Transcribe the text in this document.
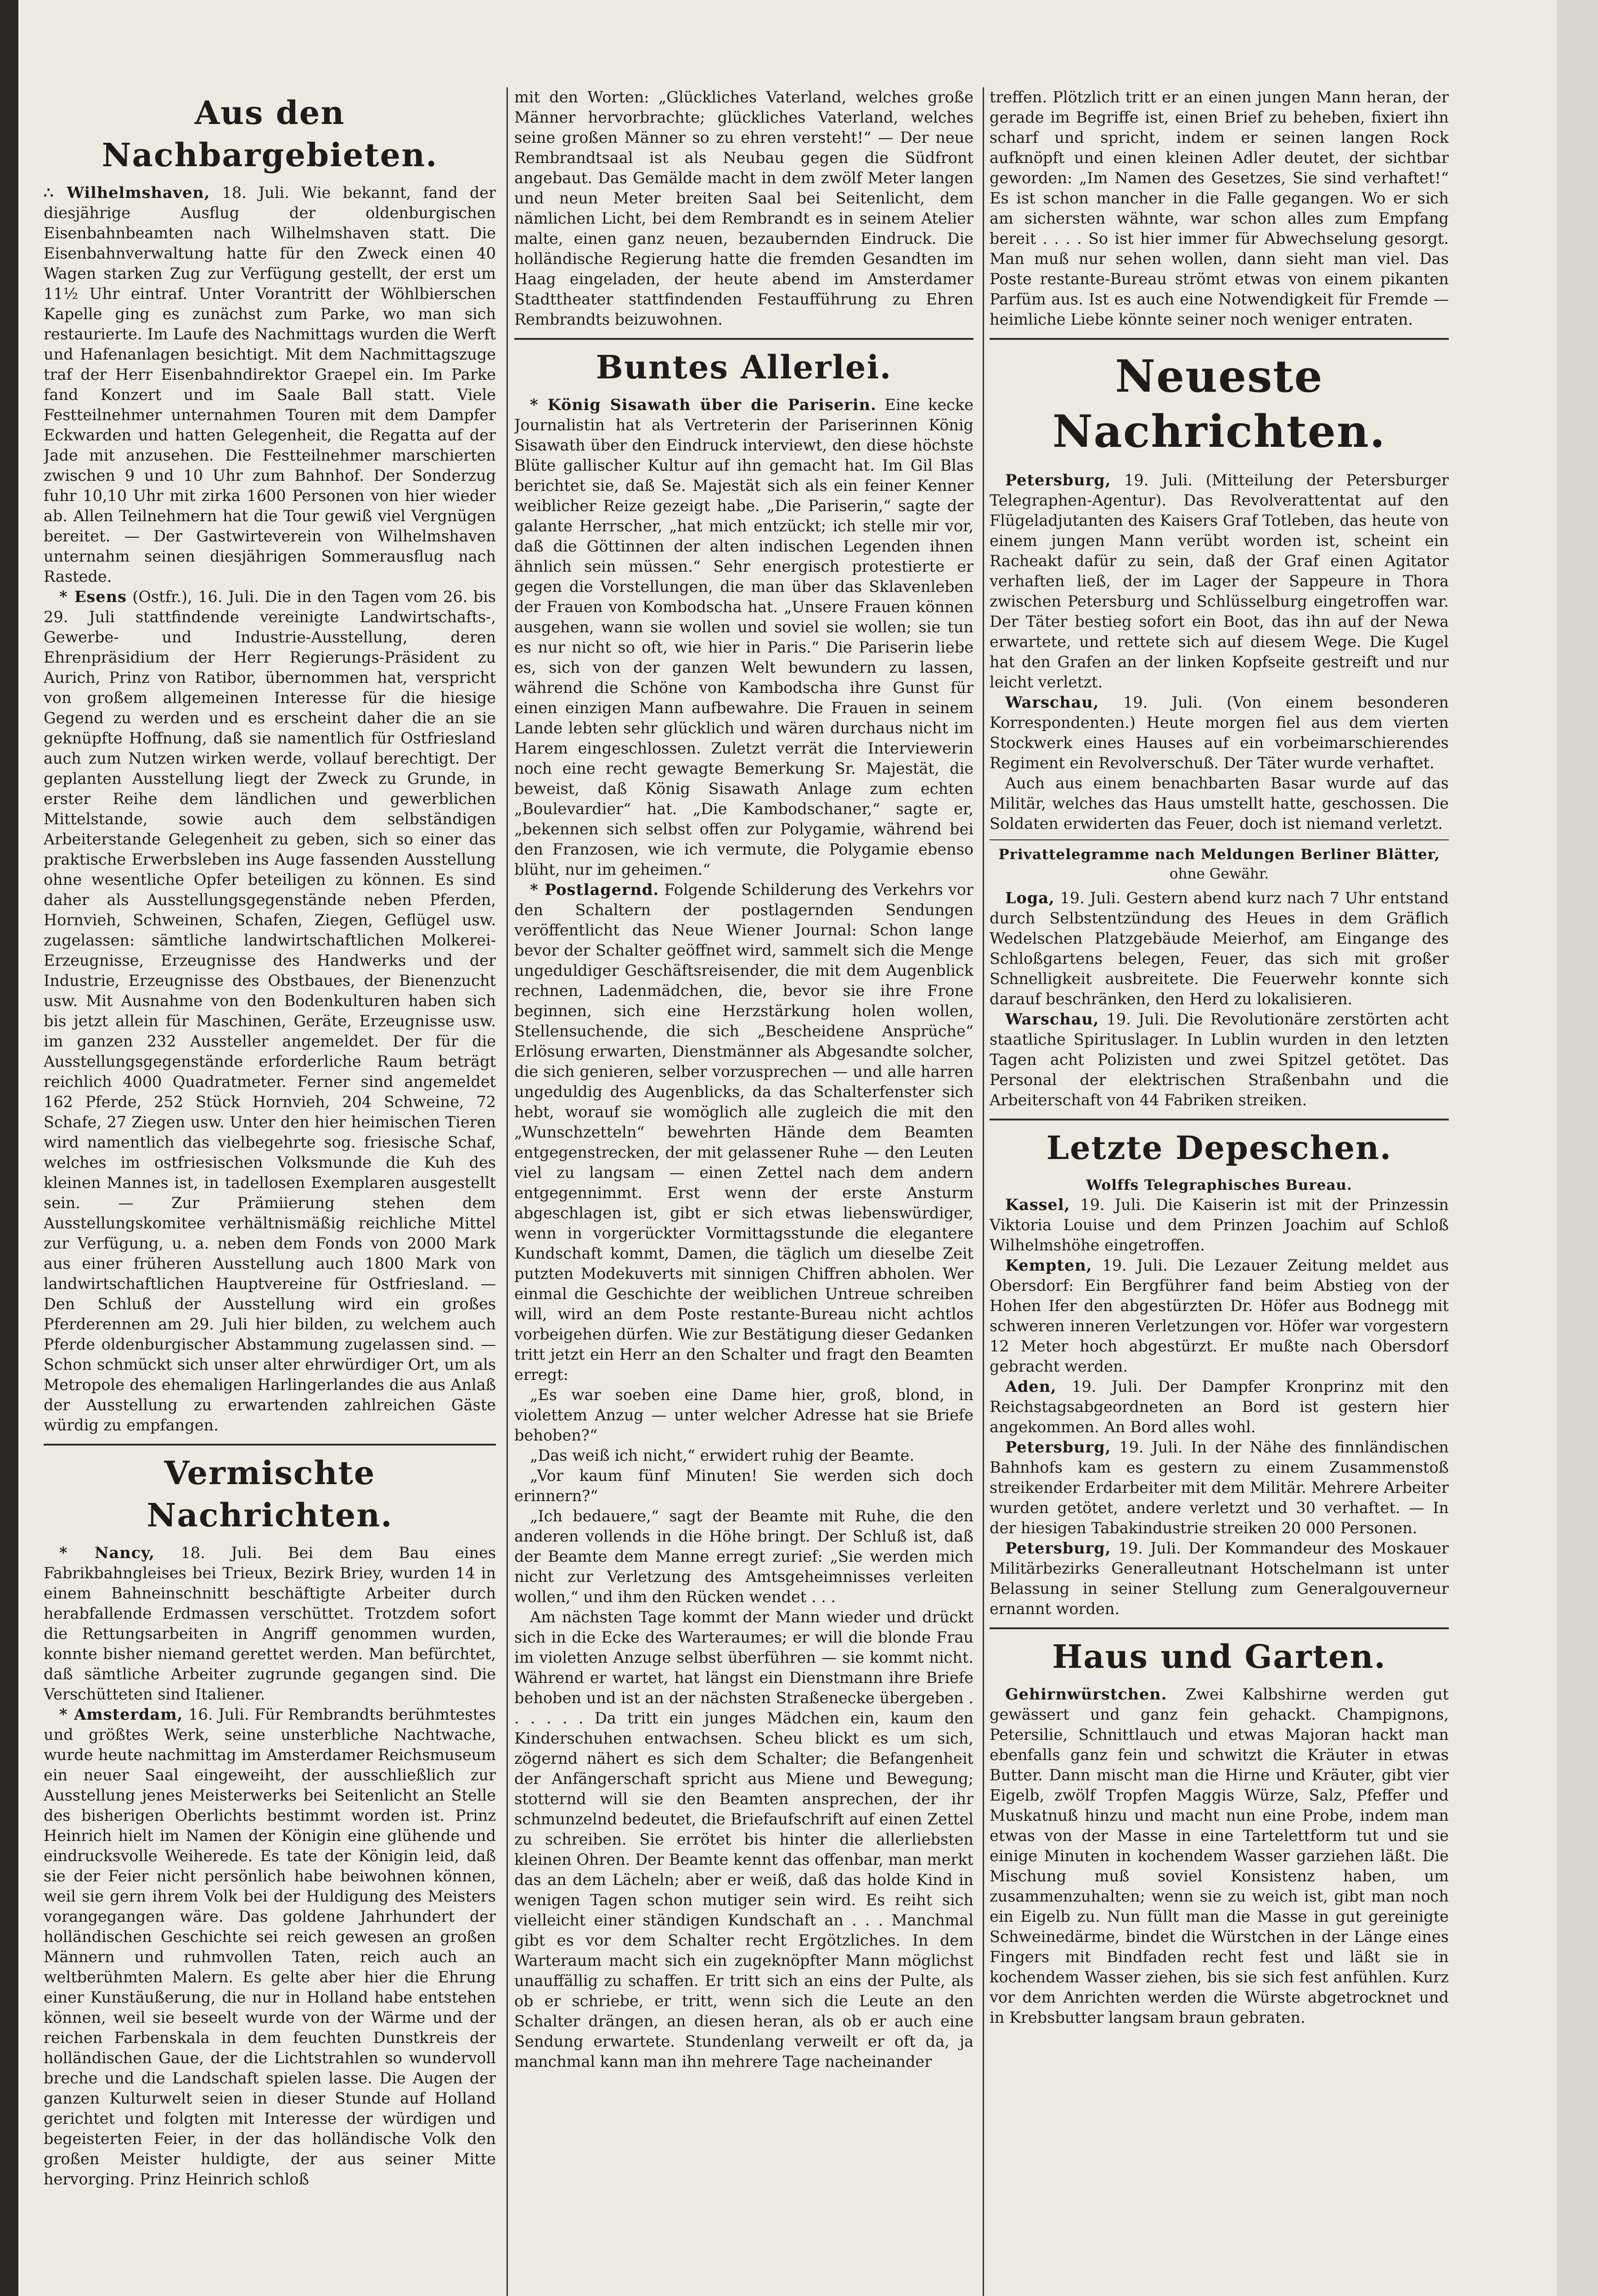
Aus den Nachbargebieten.

∴ Wilhelmshaven, 18. Juli. Wie bekannt, fand der diesjährige Ausflug der oldenburgischen Eisenbahnbeamten nach Wilhelmshaven statt. Die Eisenbahnverwaltung hatte für den Zweck einen 40 Wagen starken Zug zur Verfügung gestellt, der erst um 11½ Uhr eintraf. Unter Vorantritt der Wöhlbierschen Kapelle ging es zunächst zum Parke, wo man sich restaurierte. Im Laufe des Nachmittags wurden die Werft und Hafenanlagen besichtigt. Mit dem Nachmittagszuge traf der Herr Eisenbahndirektor Graepel ein. Im Parke fand Konzert und im Saale Ball statt. Viele Festteilnehmer unternahmen Touren mit dem Dampfer Eckwarden und hatten Gelegenheit, die Regatta auf der Jade mit anzusehen. Die Festteilnehmer marschierten zwischen 9 und 10 Uhr zum Bahnhof. Der Sonderzug fuhr 10,10 Uhr mit zirka 1600 Personen von hier wieder ab. Allen Teilnehmern hat die Tour gewiß viel Vergnügen bereitet. — Der Gastwirteverein von Wilhelmshaven unternahm seinen diesjährigen Sommerausflug nach Rastede.

* Esens (Ostfr.), 16. Juli. Die in den Tagen vom 26. bis 29. Juli stattfindende vereinigte Landwirtschafts-, Gewerbe- und Industrie-Ausstellung, deren Ehrenpräsidium der Herr Regierungs-Präsident zu Aurich, Prinz von Ratibor, übernommen hat, verspricht von großem allgemeinen Interesse für die hiesige Gegend zu werden und es erscheint daher die an sie geknüpfte Hoffnung, daß sie namentlich für Ostfriesland auch zum Nutzen wirken werde, vollauf berechtigt. Der geplanten Ausstellung liegt der Zweck zu Grunde, in erster Reihe dem ländlichen und gewerblichen Mittelstande, sowie auch dem selbständigen Arbeiterstande Gelegenheit zu geben, sich so einer das praktische Erwerbsleben ins Auge fassenden Ausstellung ohne wesentliche Opfer beteiligen zu können. Es sind daher als Ausstellungsgegenstände neben Pferden, Hornvieh, Schweinen, Schafen, Ziegen, Geflügel usw. zugelassen: sämtliche landwirtschaftlichen Molkerei-Erzeugnisse, Erzeugnisse des Handwerks und der Industrie, Erzeugnisse des Obstbaues, der Bienenzucht usw. Mit Ausnahme von den Bodenkulturen haben sich bis jetzt allein für Maschinen, Geräte, Erzeugnisse usw. im ganzen 232 Aussteller angemeldet. Der für die Ausstellungsgegenstände erforderliche Raum beträgt reichlich 4000 Quadratmeter. Ferner sind angemeldet 162 Pferde, 252 Stück Hornvieh, 204 Schweine, 72 Schafe, 27 Ziegen usw. Unter den hier heimischen Tieren wird namentlich das vielbegehrte sog. friesische Schaf, welches im ostfriesischen Volksmunde die Kuh des kleinen Mannes ist, in tadellosen Exemplaren ausgestellt sein. — Zur Prämiierung stehen dem Ausstellungskomitee verhältnismäßig reichliche Mittel zur Verfügung, u. a. neben dem Fonds von 2000 Mark aus einer früheren Ausstellung auch 1800 Mark von landwirtschaftlichen Hauptvereine für Ostfriesland. — Den Schluß der Ausstellung wird ein großes Pferderennen am 29. Juli hier bilden, zu welchem auch Pferde oldenburgischer Abstammung zugelassen sind. — Schon schmückt sich unser alter ehrwürdiger Ort, um als Metropole des ehemaligen Harlingerlandes die aus Anlaß der Ausstellung zu erwartenden zahlreichen Gäste würdig zu empfangen.

Vermischte Nachrichten.

* Nancy, 18. Juli. Bei dem Bau eines Fabrikbahngleises bei Trieux, Bezirk Briey, wurden 14 in einem Bahneinschnitt beschäftigte Arbeiter durch herabfallende Erdmassen verschüttet. Trotzdem sofort die Rettungsarbeiten in Angriff genommen wurden, konnte bisher niemand gerettet werden. Man befürchtet, daß sämtliche Arbeiter zugrunde gegangen sind. Die Verschütteten sind Italiener.

* Amsterdam, 16. Juli. Für Rembrandts berühmtestes und größtes Werk, seine unsterbliche Nachtwache, wurde heute nachmittag im Amsterdamer Reichsmuseum ein neuer Saal eingeweiht, der ausschließlich zur Ausstellung jenes Meisterwerks bei Seitenlicht an Stelle des bisherigen Oberlichts bestimmt worden ist. Prinz Heinrich hielt im Namen der Königin eine glühende und eindrucksvolle Weiherede. Es tate der Königin leid, daß sie der Feier nicht persönlich habe beiwohnen können, weil sie gern ihrem Volk bei der Huldigung des Meisters vorangegangen wäre. Das goldene Jahrhundert der holländischen Geschichte sei reich gewesen an großen Männern und ruhmvollen Taten, reich auch an weltberühmten Malern. Es gelte aber hier die Ehrung einer Kunstäußerung, die nur in Holland habe entstehen können, weil sie beseelt wurde von der Wärme und der reichen Farbenskala in dem feuchten Dunstkreis der holländischen Gaue, der die Lichtstrahlen so wundervoll breche und die Landschaft spielen lasse. Die Augen der ganzen Kulturwelt seien in dieser Stunde auf Holland gerichtet und folgten mit Interesse der würdigen und begeisterten Feier, in der das holländische Volk den großen Meister huldigte, der aus seiner Mitte hervorging. Prinz Heinrich schloß

mit den Worten: „Glückliches Vaterland, welches große Männer hervorbrachte; glückliches Vaterland, welches seine großen Männer so zu ehren versteht!“ — Der neue Rembrandtsaal ist als Neubau gegen die Südfront angebaut. Das Gemälde macht in dem zwölf Meter langen und neun Meter breiten Saal bei Seitenlicht, dem nämlichen Licht, bei dem Rembrandt es in seinem Atelier malte, einen ganz neuen, bezaubernden Eindruck. Die holländische Regierung hatte die fremden Gesandten im Haag eingeladen, der heute abend im Amsterdamer Stadttheater stattfindenden Festaufführung zu Ehren Rembrandts beizuwohnen.

Buntes Allerlei.

* König Sisawath über die Pariserin. Eine kecke Journalistin hat als Vertreterin der Pariserinnen König Sisawath über den Eindruck interviewt, den diese höchste Blüte gallischer Kultur auf ihn gemacht hat. Im Gil Blas berichtet sie, daß Se. Majestät sich als ein feiner Kenner weiblicher Reize gezeigt habe. „Die Pariserin,“ sagte der galante Herrscher, „hat mich entzückt; ich stelle mir vor, daß die Göttinnen der alten indischen Legenden ihnen ähnlich sein müssen.“ Sehr energisch protestierte er gegen die Vorstellungen, die man über das Sklavenleben der Frauen von Kombodscha hat. „Unsere Frauen können ausgehen, wann sie wollen und soviel sie wollen; sie tun es nur nicht so oft, wie hier in Paris.“ Die Pariserin liebe es, sich von der ganzen Welt bewundern zu lassen, während die Schöne von Kambodscha ihre Gunst für einen einzigen Mann aufbewahre. Die Frauen in seinem Lande lebten sehr glücklich und wären durchaus nicht im Harem eingeschlossen. Zuletzt verrät die Interviewerin noch eine recht gewagte Bemerkung Sr. Majestät, die beweist, daß König Sisawath Anlage zum echten „Boulevardier“ hat. „Die Kambodschaner,“ sagte er, „bekennen sich selbst offen zur Polygamie, während bei den Franzosen, wie ich vermute, die Polygamie ebenso blüht, nur im geheimen.“

* Postlagernd. Folgende Schilderung des Verkehrs vor den Schaltern der postlagernden Sendungen veröffentlicht das Neue Wiener Journal: Schon lange bevor der Schalter geöffnet wird, sammelt sich die Menge ungeduldiger Geschäftsreisender, die mit dem Augenblick rechnen, Ladenmädchen, die, bevor sie ihre Frone beginnen, sich eine Herzstärkung holen wollen, Stellensuchende, die sich „Bescheidene Ansprüche“ Erlösung erwarten, Dienstmänner als Abgesandte solcher, die sich genieren, selber vorzusprechen — und alle harren ungeduldig des Augenblicks, da das Schalterfenster sich hebt, worauf sie womöglich alle zugleich die mit den „Wunschzetteln“ bewehrten Hände dem Beamten entgegenstrecken, der mit gelassener Ruhe — den Leuten viel zu langsam — einen Zettel nach dem andern entgegennimmt. Erst wenn der erste Ansturm abgeschlagen ist, gibt er sich etwas liebenswürdiger, wenn in vorgerückter Vormittagsstunde die elegantere Kundschaft kommt, Damen, die täglich um dieselbe Zeit putzten Modekuverts mit sinnigen Chiffren abholen. Wer einmal die Geschichte der weiblichen Untreue schreiben will, wird an dem Poste restante-Bureau nicht achtlos vorbeigehen dürfen. Wie zur Bestätigung dieser Gedanken tritt jetzt ein Herr an den Schalter und fragt den Beamten erregt:

„Es war soeben eine Dame hier, groß, blond, in violettem Anzug — unter welcher Adresse hat sie Briefe behoben?“

„Das weiß ich nicht,“ erwidert ruhig der Beamte.

„Vor kaum fünf Minuten! Sie werden sich doch erinnern?“

„Ich bedauere,“ sagt der Beamte mit Ruhe, die den anderen vollends in die Höhe bringt. Der Schluß ist, daß der Beamte dem Manne erregt zurief: „Sie werden mich nicht zur Verletzung des Amtsgeheimnisses verleiten wollen,“ und ihm den Rücken wendet . . .

Am nächsten Tage kommt der Mann wieder und drückt sich in die Ecke des Warteraumes; er will die blonde Frau im violetten Anzuge selbst überführen — sie kommt nicht. Während er wartet, hat längst ein Dienstmann ihre Briefe behoben und ist an der nächsten Straßenecke übergeben . . . . . . Da tritt ein junges Mädchen ein, kaum den Kinderschuhen entwachsen. Scheu blickt es um sich, zögernd nähert es sich dem Schalter; die Befangenheit der Anfängerschaft spricht aus Miene und Bewegung; stotternd will sie den Beamten ansprechen, der ihr schmunzelnd bedeutet, die Briefaufschrift auf einen Zettel zu schreiben. Sie errötet bis hinter die allerliebsten kleinen Ohren. Der Beamte kennt das offenbar, man merkt das an dem Lächeln; aber er weiß, daß das holde Kind in wenigen Tagen schon mutiger sein wird. Es reiht sich vielleicht einer ständigen Kundschaft an . . . Manchmal gibt es vor dem Schalter recht Ergötzliches. In dem Warteraum macht sich ein zugeknöpfter Mann möglichst unauffällig zu schaffen. Er tritt sich an eins der Pulte, als ob er schriebe, er tritt, wenn sich die Leute an den Schalter drängen, an diesen heran, als ob er auch eine Sendung erwartete. Stundenlang verweilt er oft da, ja manchmal kann man ihn mehrere Tage nacheinander

treffen. Plötzlich tritt er an einen jungen Mann heran, der gerade im Begriffe ist, einen Brief zu beheben, fixiert ihn scharf und spricht, indem er seinen langen Rock aufknöpft und einen kleinen Adler deutet, der sichtbar geworden: „Im Namen des Gesetzes, Sie sind verhaftet!“ Es ist schon mancher in die Falle gegangen. Wo er sich am sichersten wähnte, war schon alles zum Empfang bereit . . . . So ist hier immer für Abwechselung gesorgt. Man muß nur sehen wollen, dann sieht man viel. Das Poste restante-Bureau strömt etwas von einem pikanten Parfüm aus. Ist es auch eine Notwendigkeit für Fremde — heimliche Liebe könnte seiner noch weniger entraten.

Neueste Nachrichten.

Petersburg, 19. Juli. (Mitteilung der Petersburger Telegraphen-Agentur). Das Revolverattentat auf den Flügeladjutanten des Kaisers Graf Totleben, das heute von einem jungen Mann verübt worden ist, scheint ein Racheakt dafür zu sein, daß der Graf einen Agitator verhaften ließ, der im Lager der Sappeure in Thora zwischen Petersburg und Schlüsselburg eingetroffen war. Der Täter bestieg sofort ein Boot, das ihn auf der Newa erwartete, und rettete sich auf diesem Wege. Die Kugel hat den Grafen an der linken Kopfseite gestreift und nur leicht verletzt.

Warschau, 19. Juli. (Von einem besonderen Korrespondenten.) Heute morgen fiel aus dem vierten Stockwerk eines Hauses auf ein vorbeimarschierendes Regiment ein Revolverschuß. Der Täter wurde verhaftet.

Auch aus einem benachbarten Basar wurde auf das Militär, welches das Haus umstellt hatte, geschossen. Die Soldaten erwiderten das Feuer, doch ist niemand verletzt.

Privattelegramme nach Meldungen Berliner Blätter,
ohne Gewähr.

Loga, 19. Juli. Gestern abend kurz nach 7 Uhr entstand durch Selbstentzündung des Heues in dem Gräflich Wedelschen Platzgebäude Meierhof, am Eingange des Schloßgartens belegen, Feuer, das sich mit großer Schnelligkeit ausbreitete. Die Feuerwehr konnte sich darauf beschränken, den Herd zu lokalisieren.

Warschau, 19. Juli. Die Revolutionäre zerstörten acht staatliche Spirituslager. In Lublin wurden in den letzten Tagen acht Polizisten und zwei Spitzel getötet. Das Personal der elektrischen Straßenbahn und die Arbeiterschaft von 44 Fabriken streiken.

Letzte Depeschen.
Wolffs Telegraphisches Bureau.

Kassel, 19. Juli. Die Kaiserin ist mit der Prinzessin Viktoria Louise und dem Prinzen Joachim auf Schloß Wilhelmshöhe eingetroffen.

Kempten, 19. Juli. Die Lezauer Zeitung meldet aus Obersdorf: Ein Bergführer fand beim Abstieg von der Hohen Ifer den abgestürzten Dr. Höfer aus Bodnegg mit schweren inneren Verletzungen vor. Höfer war vorgestern 12 Meter hoch abgestürzt. Er mußte nach Obersdorf gebracht werden.

Aden, 19. Juli. Der Dampfer Kronprinz mit den Reichstagsabgeordneten an Bord ist gestern hier angekommen. An Bord alles wohl.

Petersburg, 19. Juli. In der Nähe des finnländischen Bahnhofs kam es gestern zu einem Zusammenstoß streikender Erdarbeiter mit dem Militär. Mehrere Arbeiter wurden getötet, andere verletzt und 30 verhaftet. — In der hiesigen Tabakindustrie streiken 20 000 Personen.

Petersburg, 19. Juli. Der Kommandeur des Moskauer Militärbezirks Generalleutnant Hotschelmann ist unter Belassung in seiner Stellung zum Generalgouverneur ernannt worden.

Haus und Garten.

Gehirnwürstchen. Zwei Kalbshirne werden gut gewässert und ganz fein gehackt. Champignons, Petersilie, Schnittlauch und etwas Majoran hackt man ebenfalls ganz fein und schwitzt die Kräuter in etwas Butter. Dann mischt man die Hirne und Kräuter, gibt vier Eigelb, zwölf Tropfen Maggis Würze, Salz, Pfeffer und Muskatnuß hinzu und macht nun eine Probe, indem man etwas von der Masse in eine Tartelettform tut und sie einige Minuten in kochendem Wasser garziehen läßt. Die Mischung muß soviel Konsistenz haben, um zusammenzuhalten; wenn sie zu weich ist, gibt man noch ein Eigelb zu. Nun füllt man die Masse in gut gereinigte Schweinedärme, bindet die Würstchen in der Länge eines Fingers mit Bindfaden recht fest und läßt sie in kochendem Wasser ziehen, bis sie sich fest anfühlen. Kurz vor dem Anrichten werden die Würste abgetrocknet und in Krebsbutter langsam braun gebraten.
